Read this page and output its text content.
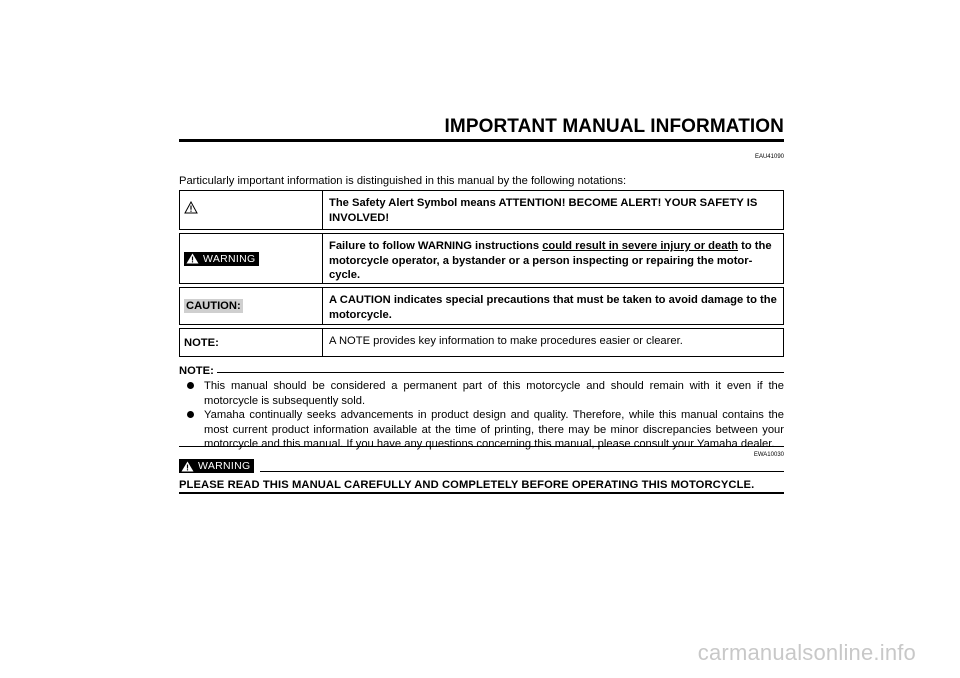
IMPORTANT MANUAL INFORMATION
EAU41090
Particularly important information is distinguished in this manual by the following notations:
The Safety Alert Symbol means ATTENTION! BECOME ALERT! YOUR SAFETY IS INVOLVED!
WARNING
Failure to follow WARNING instructions could result in severe injury or death to the motorcycle operator, a bystander or a person inspecting or repairing the motor-cycle.
CAUTION:	A CAUTION indicates special precautions that must be taken to avoid damage to the motorcycle.
NOTE:	A NOTE provides key information to make procedures easier or clearer.
NOTE:
This manual should be considered a permanent part of this motorcycle and should remain with it even if the motorcycle is subsequently sold.
Yamaha continually seeks advancements in product design and quality. Therefore, while this manual contains the most current product information available at the time of printing, there may be minor discrepancies between your motorcycle and this manual. If you have any questions concerning this manual, please consult your Yamaha dealer.
EWA10030
WARNING
PLEASE READ THIS MANUAL CAREFULLY AND COMPLETELY BEFORE OPERATING THIS MOTORCYCLE.
carmanualsonline.info
